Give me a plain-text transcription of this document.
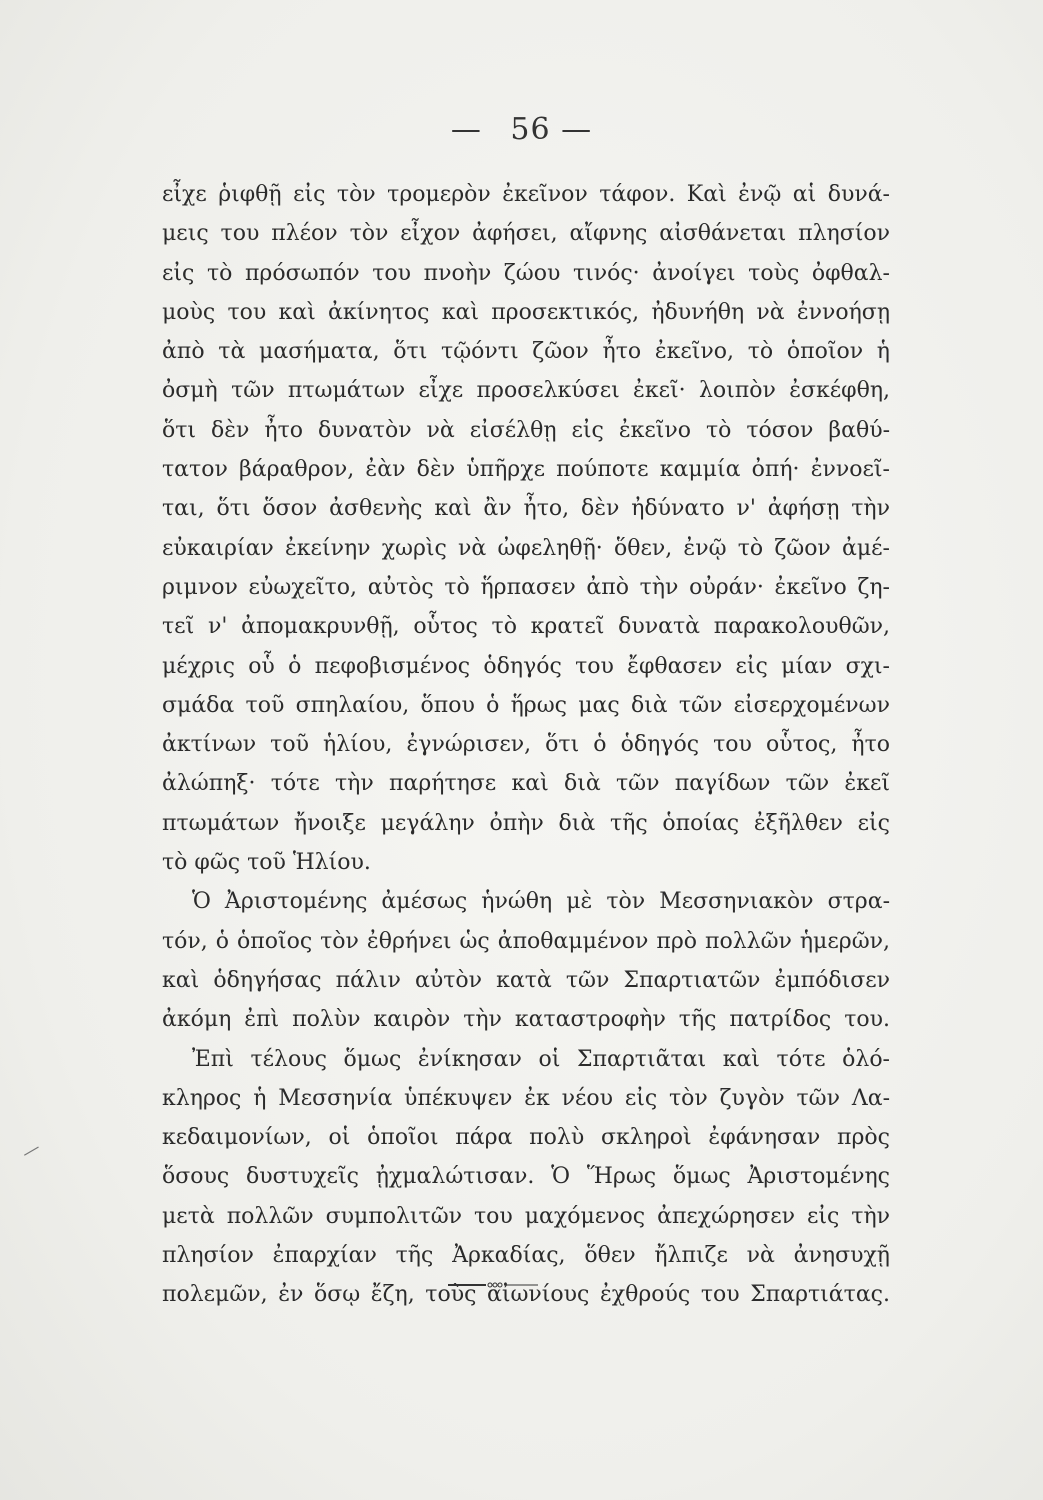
— 56 —
εἶχε ῥιφθῇ εἰς τὸν τρομερὸν ἐκεῖνον τάφον. Καὶ ἐνῷ αἱ δυνά-
μεις του πλέον τὸν εἶχον ἀφήσει, αἴφνης αἰσθάνεται πλησίον
εἰς τὸ πρόσωπόν του πνοὴν ζώου τινός· ἀνοίγει τοὺς ὀφθαλ-
μοὺς του καὶ ἀκίνητος καὶ προσεκτικός, ἠδυνήθη νὰ ἐννοήσῃ
ἀπὸ τὰ μασήματα, ὅτι τῷόντι ζῶον ἦτο ἐκεῖνο, τὸ ὁποῖον ἡ
ὀσμὴ τῶν πτωμάτων εἶχε προσελκύσει ἐκεῖ· λοιπὸν ἐσκέφθη,
ὅτι δὲν ἦτο δυνατὸν νὰ εἰσέλθῃ εἰς ἐκεῖνο τὸ τόσον βαθύ-
τατον βάραθρον, ἐὰν δὲν ὑπῆρχε πούποτε καμμία ὀπή· ἐννοεῖ-
ται, ὅτι ὅσον ἀσθενὴς καὶ ἂν ἦτο, δὲν ἠδύνατο ν' ἀφήσῃ τὴν
εὐκαιρίαν ἐκείνην χωρὶς νὰ ὠφεληθῇ· ὅθεν, ἐνῷ τὸ ζῶον ἀμέ-
ριμνον εὐωχεῖτο, αὐτὸς τὸ ἥρπασεν ἀπὸ τὴν οὐράν· ἐκεῖνο ζη-
τεῖ ν' ἀπομακρυνθῇ, οὗτος τὸ κρατεῖ δυνατὰ παρακολουθῶν,
μέχρις οὗ ὁ πεφοβισμένος ὁδηγός του ἔφθασεν εἰς μίαν σχι-
σμάδα τοῦ σπηλαίου, ὅπου ὁ ἥρως μας διὰ τῶν εἰσερχομένων
ἀκτίνων τοῦ ἡλίου, ἐγνώρισεν, ὅτι ὁ ὁδηγός του οὗτος, ἦτο
ἀλώπηξ· τότε τὴν παρήτησε καὶ διὰ τῶν παγίδων τῶν ἐκεῖ
πτωμάτων ἤνοιξε μεγάλην ὀπὴν διὰ τῆς ὁποίας ἐξῆλθεν εἰς
τὸ φῶς τοῦ Ἡλίου.
Ὁ Ἀριστομένης ἀμέσως ἡνώθη μὲ τὸν Μεσσηνιακὸν στρα-
τόν, ὁ ὁποῖος τὸν ἐθρήνει ὡς ἀποθαμμένον πρὸ πολλῶν ἡμερῶν,
καὶ ὁδηγήσας πάλιν αὐτὸν κατὰ τῶν Σπαρτιατῶν ἐμπόδισεν
ἀκόμη ἐπὶ πολὺν καιρὸν τὴν καταστροφὴν τῆς πατρίδος του.
Ἐπὶ τέλους ὅμως ἐνίκησαν οἱ Σπαρτιᾶται καὶ τότε ὁλό-
κληρος ἡ Μεσσηνία ὑπέκυψεν ἐκ νέου εἰς τὸν ζυγὸν τῶν Λα-
κεδαιμονίων, οἱ ὁποῖοι πάρα πολὺ σκληροὶ ἐφάνησαν πρὸς
ὅσους δυστυχεῖς ᾐχμαλώτισαν. Ὁ Ἥρως ὅμως Ἀριστομένης
μετὰ πολλῶν συμπολιτῶν του μαχόμενος ἀπεχώρησεν εἰς τὴν
πλησίον ἐπαρχίαν τῆς Ἀρκαδίας, ὅθεν ἤλπιζε νὰ ἀνησυχῇ
πολεμῶν, ἐν ὅσῳ ἔζη, τοὺς αἰωνίους ἐχθρούς του Σπαρτιάτας.
—
